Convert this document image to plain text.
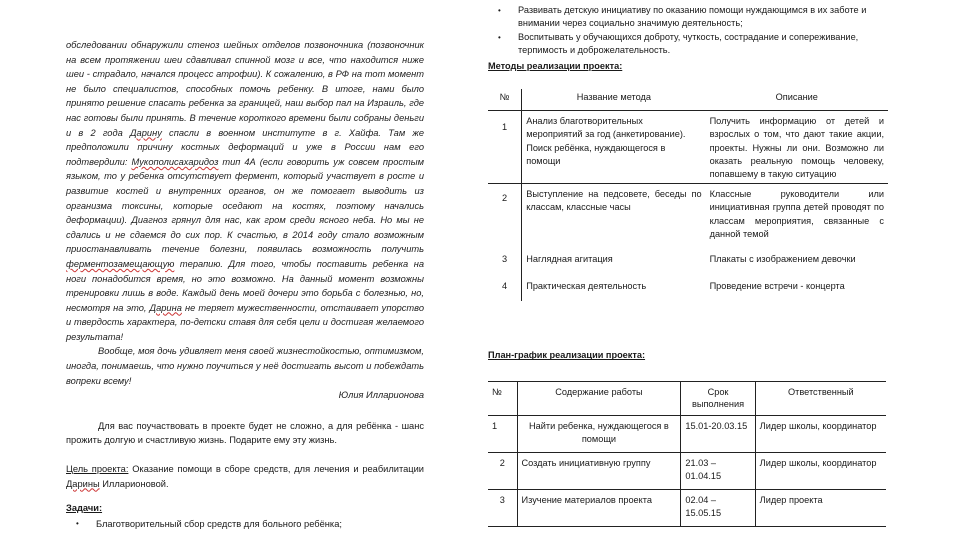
обследовании обнаружили стеноз шейных отделов позвоночника (позвоночник на всем протяжении шеи сдавливал спинной мозг и все, что находится ниже шеи - страдало, начался процесс атрофии). К сожалению, в РФ на тот момент не было специалистов, способных помочь ребенку. В итоге, нами было принято решение спасать ребенка за границей, наш выбор пал на Израиль, где нас готовы были принять. В течение короткого времени были собраны деньги и в 2 года Дарину спасли в военном институте в г. Хайфа. Там же предположили причину костных деформаций и уже в России нам его подтвердили: Мукополисахаридоз тип 4А (если говорить уж совсем простым языком, то у ребенка отсутствует фермент, который участвует в росте и развитие костей и внутренних органов, он же помогает выводить из организма токсины, которые оседают на костях, поэтому начались деформации). Диагноз грянул для нас, как гром среди ясного неба. Но мы не сдались и не сдаемся до сих пор. К счастью, в 2014 году стало возможным приостанавливать течение болезни, появилась возможность получить ферментозамещающую терапию. Для того, чтобы поставить ребенка на ноги понадобится время, но это возможно. На данный момент возможны тренировки лишь в воде. Каждый день моей дочери это борьба с болезнью, но, несмотря на это, Дарина не теряет мужественности, отстаивает упорство и твердость характера, по-детски ставя для себя цели и достигая желаемого результата!

Вообще, моя дочь удивляет меня своей жизнестойкостью, оптимизмом, иногда, понимаешь, что нужно поучиться у неё достигать высот и побеждать вопреки всему!

Юлия Илларионова

Для вас поучаствовать в проекте будет не сложно, а для ребёнка - шанс прожить долгую и счастливую жизнь. Подарите ему эту жизнь.

Цель проекта: Оказание помощи в сборе средств, для лечения и реабилитации Дарины Илларионовой.

Задачи:
• Благотворительный сбор средств для больного ребёнка;
• Развивать детскую инициативу по оказанию помощи нуждающимся в их заботе и внимании через социально значимую деятельность;
• Воспитывать у обучающихся доброту, чуткость, сострадание и сопереживание, терпимость и доброжелательность.
Методы реализации проекта:
№	Название метода	Описание
1	Анализ благотворительных мероприятий за год (анкетирование). Поиск ребёнка, нуждающегося в помощи	Получить информацию от детей и взрослых о том, что дают такие акции, проекты. Нужны ли они. Возможно ли оказать реальную помощь человеку, попавшему в такую ситуацию
2	Выступление на педсовете, беседы по классам, классные часы	Классные руководители или инициативная группа детей проводят по классам мероприятия, связанные с данной темой
3	Наглядная агитация	Плакаты с изображением девочки
4	Практическая деятельность	Проведение встречи - концерта
План-график реализации проекта:
№	Содержание работы	Срок выполнения	Ответственный
1	Найти ребенка, нуждающегося в помощи	15.01-20.03.15	Лидер школы, координатор
2	Создать инициативную группу	21.03 – 01.04.15	Лидер школы, координатор
3	Изучение материалов проекта	02.04 – 15.05.15	Лидер проекта
